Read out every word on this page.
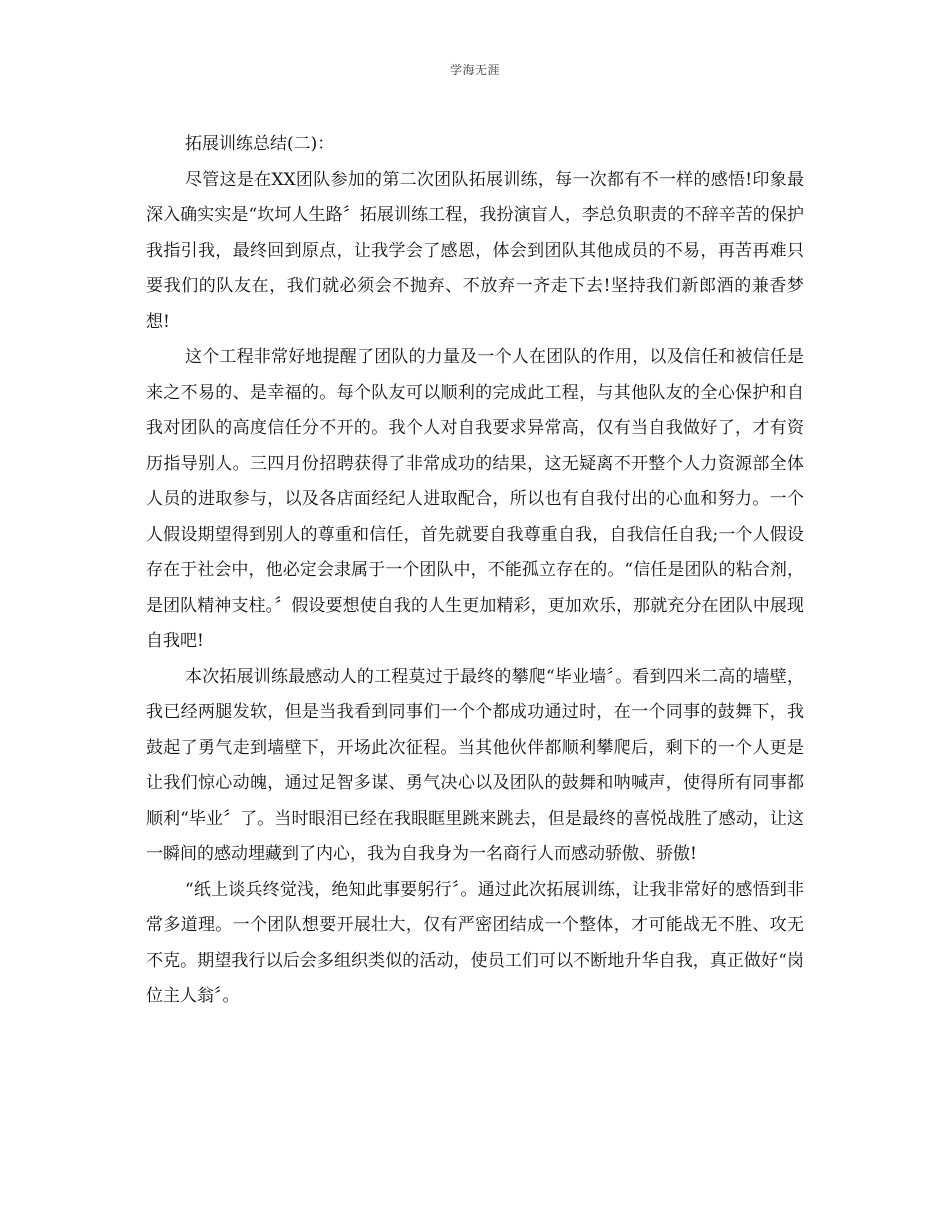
学海无涯
拓展训练总结(二)：

尽管这是在XX团队参加的第二次团队拓展训练，每一次都有不一样的感悟!印象最深入确实实是“坎坷人生路〞拓展训练工程，我扮演盲人，李总负职责的不辞辛苦的保护我指引我，最终回到原点，让我学会了感恩，体会到团队其他成员的不易，再苦再难只要我们的队友在，我们就必须会不抛弃、不放弃一齐走下去!坚持我们新郎酒的兼香梦想!

这个工程非常好地提醒了团队的力量及一个人在团队的作用，以及信任和被信任是来之不易的、是幸福的。每个队友可以顺利的完成此工程，与其他队友的全心保护和自我对团队的高度信任分不开的。我个人对自我要求异常高，仅有当自我做好了，才有资历指导别人。三四月份招聘获得了非常成功的结果，这无疑离不开整个人力资源部全体人员的进取参与，以及各店面经纪人进取配合，所以也有自我付出的心血和努力。一个人假设期望得到别人的尊重和信任，首先就要自我尊重自我，自我信任自我;一个人假设存在于社会中，他必定会隶属于一个团队中，不能孤立存在的。“信任是团队的粘合剂，是团队精神支柱。〞假设要想使自我的人生更加精彩，更加欢乐，那就充分在团队中展现自我吧!

本次拓展训练最感动人的工程莫过于最终的攀爬“毕业墙〞。看到四米二高的墙壁，我已经两腿发软，但是当我看到同事们一个个都成功通过时，在一个同事的鼓舞下，我鼓起了勇气走到墙壁下，开场此次征程。当其他伙伴都顺利攀爬后，剩下的一个人更是让我们惊心动魄，通过足智多谋、勇气决心以及团队的鼓舞和呐喊声，使得所有同事都顺利“毕业〞了。当时眼泪已经在我眼眶里跳来跳去，但是最终的喜悦战胜了感动，让这一瞬间的感动埋藏到了内心，我为自我身为一名商行人而感动骄傲、骄傲!

“纸上谈兵终觉浅，绝知此事要躬行〞。通过此次拓展训练，让我非常好的感悟到非常多道理。一个团队想要开展壮大，仅有严密团结成一个整体，才可能战无不胜、攻无不克。期望我行以后会多组织类似的活动，使员工们可以不断地升华自我，真正做好“岗位主人翁〞。
